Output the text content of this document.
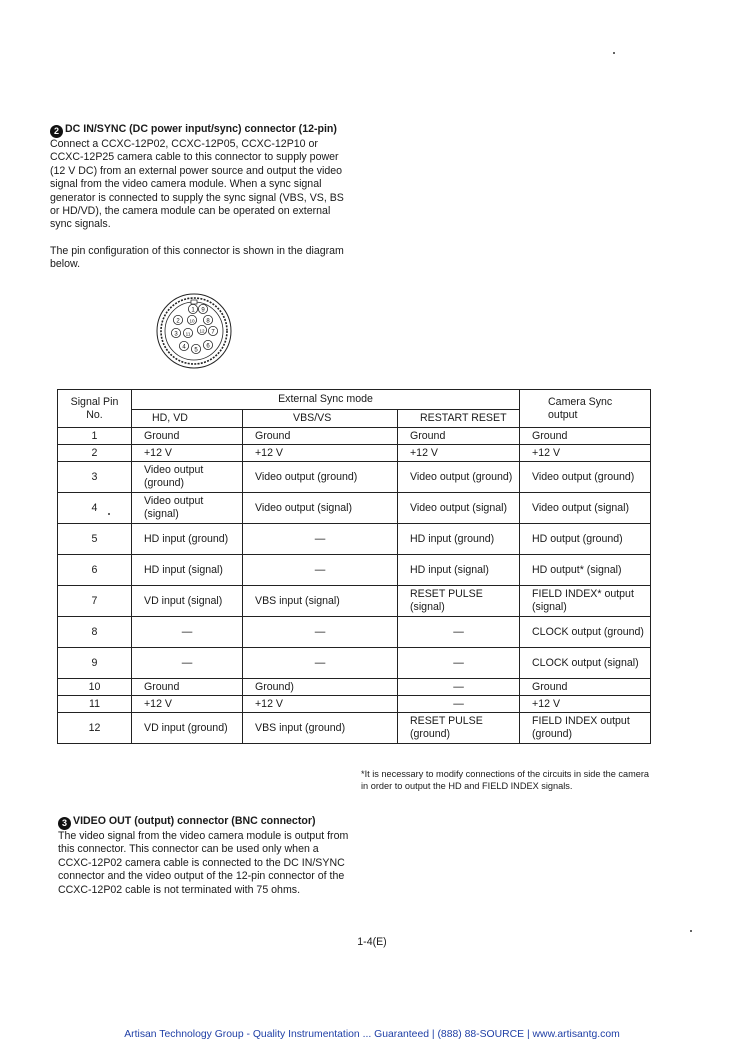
2 DC IN/SYNC (DC power input/sync) connector (12-pin)

Connect a CCXC-12P02, CCXC-12P05, CCXC-12P10 or CCXC-12P25 camera cable to this connector to supply power (12 V DC) from an external power source and output the video signal from the video camera module. When a sync signal generator is connected to supply the sync signal (VBS, VS, BS or HD/VD), the camera module can be operated on external sync signals.

The pin configuration of this connector is shown in the diagram below.

1
2
3
4 5
6
7
8
9
10
11
12
Signal Pin No.	External Sync mode			Camera Sync output
	HD, VD	VBS/VS	RESTART RESET	
1	Ground	Ground	Ground	Ground
2	+12 V	+12 V	+12 V	+12 V
3	Video output (ground)	Video output (ground)	Video output (ground)	Video output (ground)
4	Video output (signal)	Video output (signal)	Video output (signal)	Video output (signal)
5	HD input (ground)	—	HD input (ground)	HD output (ground)
6	HD input (signal)	—	HD input (signal)	HD output* (signal)
7	VD input (signal)	VBS input (signal)	RESET PULSE (signal)	FIELD INDEX* output (signal)
8	—	—	—	CLOCK output (ground)
9	—	—	—	CLOCK output (signal)
10	Ground	Ground)	—	Ground
11	+12 V	+12 V	—	+12 V
12	VD input (ground)	VBS input (ground)	RESET PULSE (ground)	FIELD INDEX output (ground)
*It is necessary to modify connections of the circuits in side the camera in order to output the HD and FIELD INDEX signals.
3 VIDEO OUT (output) connector (BNC connector)

The video signal from the video camera module is output from this connector. This connector can be used only when a CCXC-12P02 camera cable is connected to the DC IN/SYNC connector and the video output of the 12-pin connector of the CCXC-12P02 cable is not terminated with 75 ohms.

1-4(E)
Artisan Technology Group - Quality Instrumentation ... Guaranteed | (888) 88-SOURCE | www.artisantg.com
